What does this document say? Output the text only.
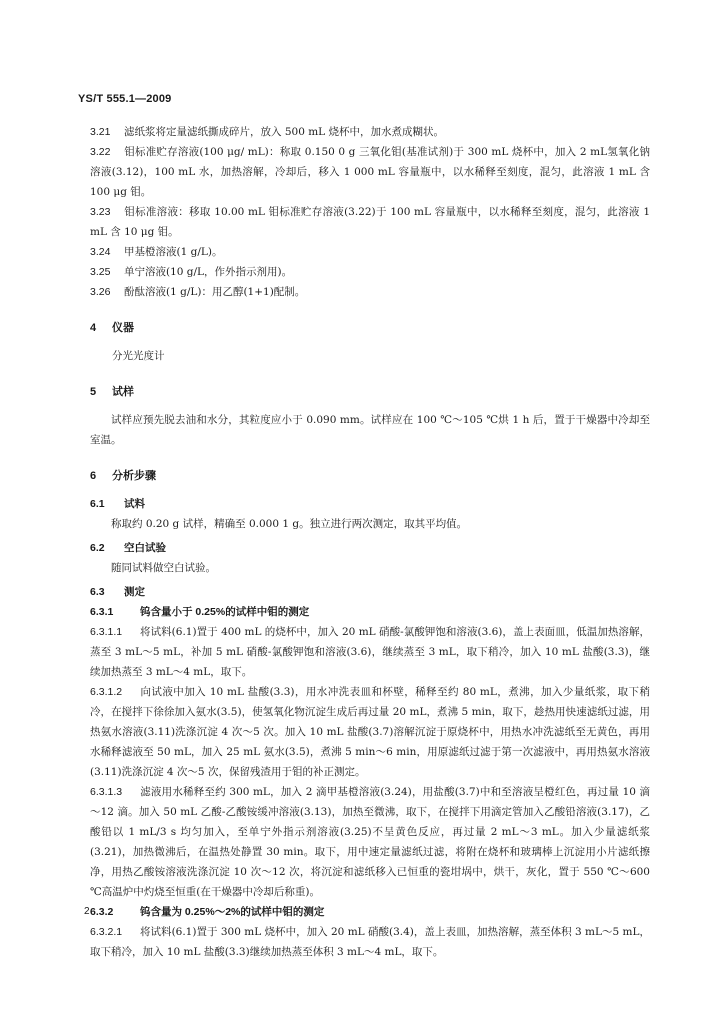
YS/T 555.1—2009

3.21 滤纸浆将定量滤纸撕成碎片，放入 500 mL 烧杯中，加水煮成糊状。

3.22 钼标准贮存溶液(100 μg/ mL)：称取 0.150 0 g 三氧化钼(基准试剂)于 300 mL 烧杯中，加入 2 mL氢氧化钠溶液(3.12)，100 mL 水，加热溶解，冷却后，移入 1 000 mL 容量瓶中，以水稀释至刻度，混匀，此溶液 1 mL 含 100 μg 钼。

3.23 钼标准溶液：移取 10.00 mL 钼标准贮存溶液(3.22)于 100 mL 容量瓶中，以水稀释至刻度，混匀，此溶液 1 mL 含 10 μg 钼。

3.24 甲基橙溶液(1 g/L)。

3.25 单宁溶液(10 g/L，作外指示剂用)。

3.26 酚酞溶液(1 g/L)：用乙醇(1+1)配制。

4 仪器

分光光度计

5 试样

试样应预先脱去油和水分，其粒度应小于 0.090 mm。试样应在 100 ℃～105 ℃烘 1 h 后，置于干燥器中冷却至室温。

6 分析步骤

6.1 试料

称取约 0.20 g 试样，精确至 0.000 1 g。独立进行两次测定，取其平均值。

6.2 空白试验

随同试料做空白试验。

6.3 测定

6.3.1	钨含量小于 0.25%的试样中钼的测定

6.3.1.1 将试料(6.1)置于 400 mL 的烧杯中，加入 20 mL 硝酸-氯酸钾饱和溶液(3.6)，盖上表面皿，低温加热溶解，蒸至 3 mL～5 mL，补加 5 mL 硝酸-氯酸钾饱和溶液(3.6)，继续蒸至 3 mL，取下稍冷，加入 10 mL 盐酸(3.3)，继续加热蒸至 3 mL～4 mL，取下。

6.3.1.2 向试液中加入 10 mL 盐酸(3.3)，用水冲洗表皿和杯壁，稀释至约 80 mL，煮沸，加入少量纸浆，取下稍冷，在搅拌下徐徐加入氨水(3.5)，使氢氧化物沉淀生成后再过量 20 mL，煮沸 5 min，取下，趁热用快速滤纸过滤，用热氨水溶液(3.11)洗涤沉淀 4 次～5 次。加入 10 mL 盐酸(3.7)溶解沉淀于原烧杯中，用热水冲洗滤纸至无黄色，再用水稀释滤液至 50 mL，加入 25 mL 氨水(3.5)，煮沸 5 min～6 min，用原滤纸过滤于第一次滤液中，再用热氨水溶液(3.11)洗涤沉淀 4 次～5 次，保留残渣用于钼的补正测定。

6.3.1.3 滤液用水稀释至约 300 mL，加入 2 滴甲基橙溶液(3.24)，用盐酸(3.7)中和至溶液呈橙红色，再过量 10 滴～12 滴。加入 50 mL 乙酸-乙酸铵缓冲溶液(3.13)，加热至微沸，取下，在搅拌下用滴定管加入乙酸铅溶液(3.17)，乙酸铅以 1 mL/3 s 均匀加入，至单宁外指示剂溶液(3.25)不呈黄色反应，再过量 2 mL～3 mL。加入少量滤纸浆(3.21)，加热微沸后，在温热处静置 30 min。取下，用中速定量滤纸过滤，将附在烧杯和玻璃棒上沉淀用小片滤纸擦净，用热乙酸铵溶液洗涤沉淀 10 次～12 次，将沉淀和滤纸移入已恒重的瓷坩埚中，烘干，灰化，置于 550 ℃～600 ℃高温炉中灼烧至恒重(在干燥器中冷却后称重)。

6.3.2	钨含量为 0.25%～2%的试样中钼的测定

6.3.2.1 将试料(6.1)置于 300 mL 烧杯中，加入 20 mL 硝酸(3.4)，盖上表皿，加热溶解，蒸至体积 3 mL～5 mL，取下稍冷，加入 10 mL 盐酸(3.3)继续加热蒸至体积 3 mL～4 mL，取下。

2
